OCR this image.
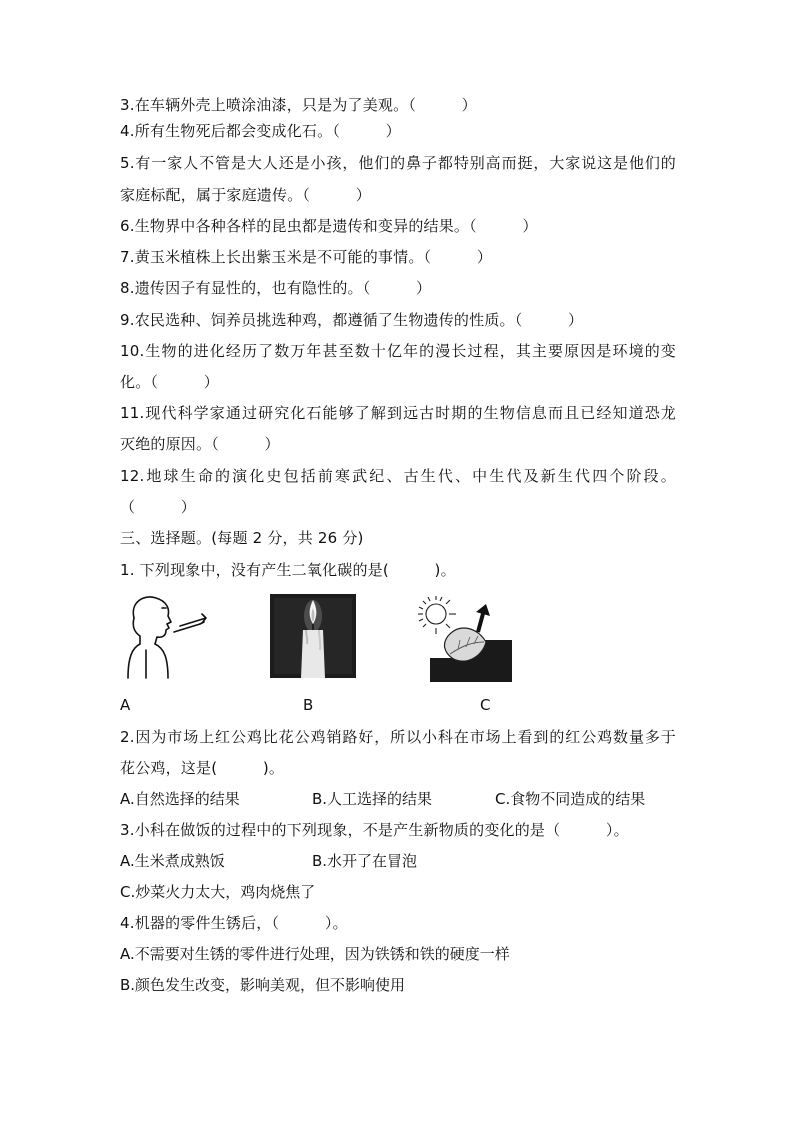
3.在车辆外壳上喷涂油漆，只是为了美观。（　　　）
4.所有生物死后都会变成化石。（　　　）
5.有一家人不管是大人还是小孩，他们的鼻子都特别高而挺，大家说这是他们的
家庭标配，属于家庭遗传。（　　　）
6.生物界中各种各样的昆虫都是遗传和变异的结果。（　　　）
7.黄玉米植株上长出紫玉米是不可能的事情。（　　　）
8.遗传因子有显性的，也有隐性的。（　　　）
9.农民选种、饲养员挑选种鸡，都遵循了生物遗传的性质。（　　　）
10.生物的进化经历了数万年甚至数十亿年的漫长过程，其主要原因是环境的变
化。（　　　）
11.现代科学家通过研究化石能够了解到远古时期的生物信息而且已经知道恐龙
灭绝的原因。（　　　）
12.地球生命的演化史包括前寒武纪、古生代、中生代及新生代四个阶段。
（　　　）
三、选择题。(每题 2 分，共 26 分)
1. 下列现象中，没有产生二氧化碳的是(　　　)。
A	B	C
2.因为市场上红公鸡比花公鸡销路好，所以小科在市场上看到的红公鸡数量多于
花公鸡，这是(　　　)。
A.自然选择的结果	B.人工选择的结果	C.食物不同造成的结果
3.小科在做饭的过程中的下列现象，不是产生新物质的变化的是（　　　）。
A.生米煮成熟饭	B.水开了在冒泡
C.炒菜火力太大，鸡肉烧焦了
4.机器的零件生锈后，（　　　）。
A.不需要对生锈的零件进行处理，因为铁锈和铁的硬度一样
B.颜色发生改变，影响美观，但不影响使用
